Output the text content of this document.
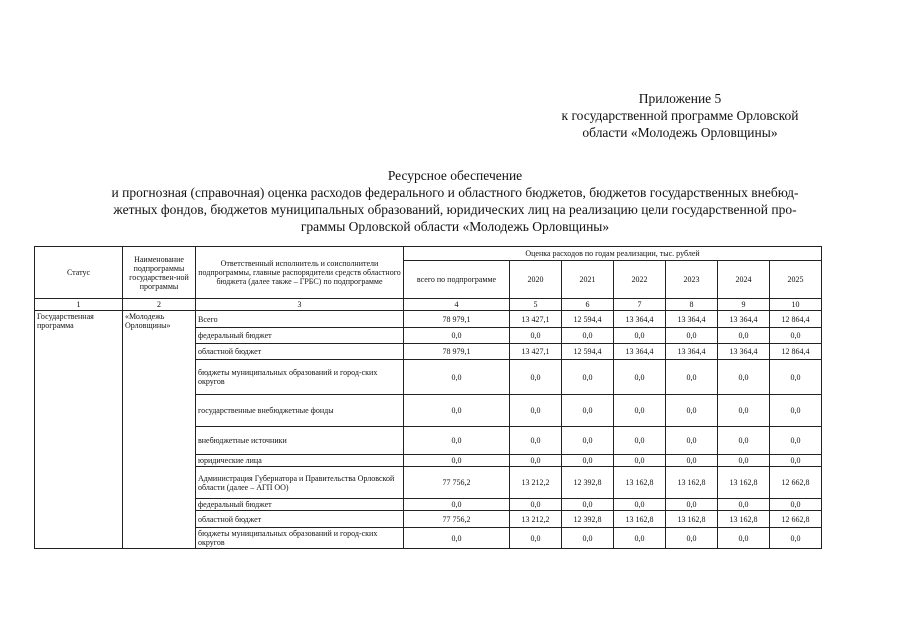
Приложение 5
к государственной программе Орловской
области «Молодежь Орловщины»
Ресурсное обеспечение
и прогнозная (справочная) оценка расходов федерального и областного бюджетов, бюджетов государственных внебюд-
жетных фондов, бюджетов муниципальных образований, юридических лиц на реализацию цели государственной про-
граммы Орловской области «Молодежь Орловщины»
Статус	Наименование подпрограммы государствен-ной программы	Ответственный исполнитель и соисполнители подпрограммы, главные распорядители средств областного бюджета (далее также – ГРБС) по подпрограмме	Оценка расходов по годам реализации, тыс. рублей						
			всего по подпрограмме	2020	2021	2022	2023	2024	2025
1	2	3	4	5	6	7	8	9	10
Государственная программа	«Молодежь Орловщины»	Всего	78 979,1	13 427,1	12 594,4	13 364,4	13 364,4	13 364,4	12 864,4
		федеральный бюджет	0,0	0,0	0,0	0,0	0,0	0,0	0,0
		областной бюджет	78 979,1	13 427,1	12 594,4	13 364,4	13 364,4	13 364,4	12 864,4
		бюджеты муниципальных образований и город-ских округов	0,0	0,0	0,0	0,0	0,0	0,0	0,0
		государственные внебюджетные фонды	0,0	0,0	0,0	0,0	0,0	0,0	0,0
		внебюджетные источники	0,0	0,0	0,0	0,0	0,0	0,0	0,0
		юридические лица	0,0	0,0	0,0	0,0	0,0	0,0	0,0
		Администрация Губернатора и Правительства Орловской области (далее – АГП ОО)	77 756,2	13 212,2	12 392,8	13 162,8	13 162,8	13 162,8	12 662,8
		федеральный бюджет	0,0	0,0	0,0	0,0	0,0	0,0	0,0
		областной бюджет	77 756,2	13 212,2	12 392,8	13 162,8	13 162,8	13 162,8	12 662,8
		бюджеты муниципальных образований и город-ских округов	0,0	0,0	0,0	0,0	0,0	0,0	0,0
